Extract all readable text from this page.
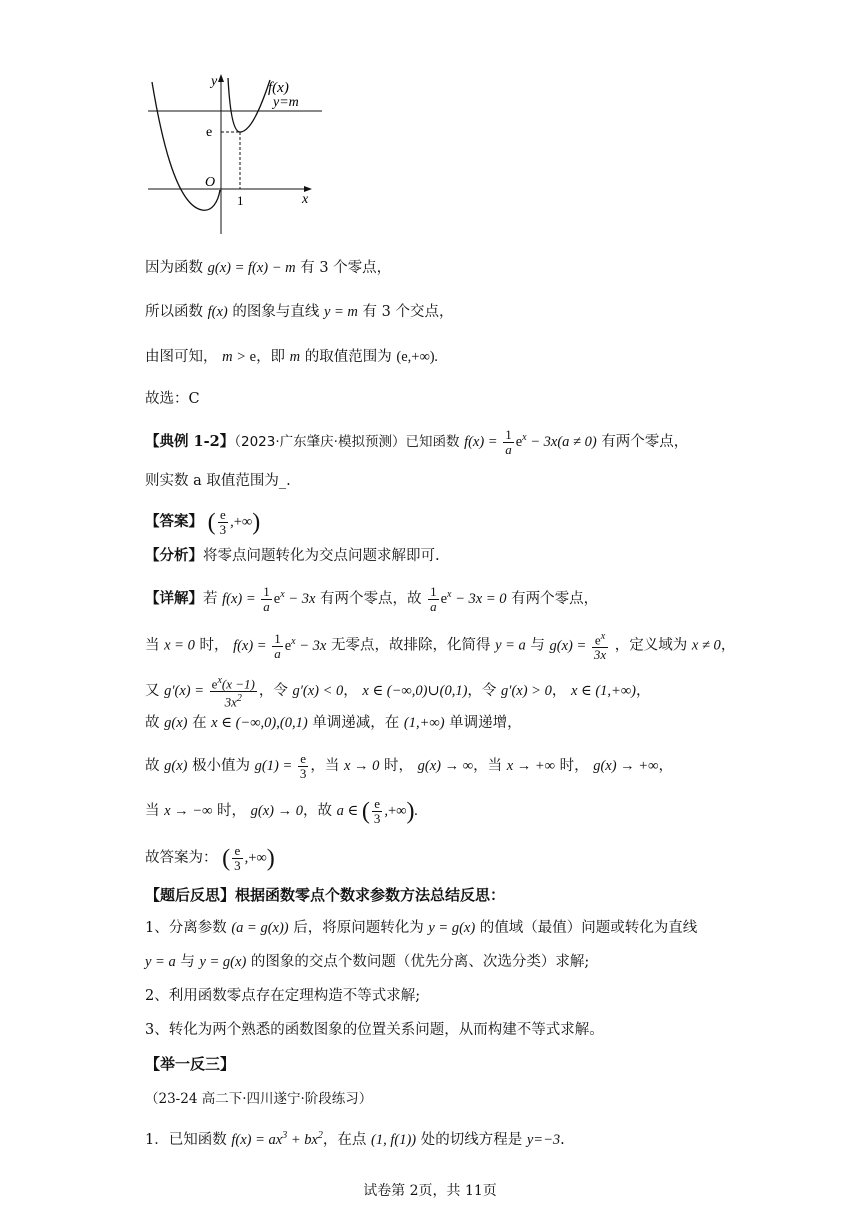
y	f(x)
y=m
e
O
1	x
因为函数 g(x) = f(x) − m 有 3 个零点，
所以函数 f(x) 的图象与直线 y = m 有 3 个交点，
由图可知， m > e，即 m 的取值范围为 (e,+∞).
故选：C
【典例 1-2】（2023·广东肇庆·模拟预测）已知函数 $f(x) = \frac{1}{a} e^x - 3x(a \ne 0)$ 有两个零点，
则实数 a 取值范围为_.
【答案】 ( $\frac{e}{3}$ ,+∞)
【分析】将零点问题转化为交点问题求解即可.
【详解】若 $f(x) = \frac{1}{a} e^x - 3x$ 有两个零点，故 $\frac{1}{a} e^x - 3x = 0$ 有两个零点，
当 x = 0 时， $f(x) = \frac{1}{a} e^x - 3x$ 无零点，故排除，化简得 y = a 与 $g(x) = \frac{e^x}{3x}$ ，定义域为 x ≠ 0，
又 $g'(x) = \frac{e^x(x -1)}{3x^2}$ ，令 g′(x) < 0， x ∈ (−∞,0)∪(0,1)，令 g′(x) > 0， x ∈ (1,+∞)，
故 g(x) 在 x ∈ (−∞,0),(0,1) 单调递减，在 (1,+∞) 单调递增，
故 g(x) 极小值为 $g(1) = \frac{e}{3}$ ，当 x → 0 时， g(x) → ∞，当 x → +∞ 时， g(x) → +∞，
当 x → −∞ 时， g(x) → 0，故 a ∈ ( $\frac{e}{3}$ ,+∞).
故答案为： ( $\frac{e}{3}$ ,+∞)
【题后反思】根据函数零点个数求参数方法总结反思：
1、分离参数 (a = g(x)) 后，将原问题转化为 y = g(x) 的值域（最值）问题或转化为直线
y = a 与 y = g(x) 的图象的交点个数问题（优先分离、次选分类）求解;
2、利用函数零点存在定理构造不等式求解;
3、转化为两个熟悉的函数图象的位置关系问题，从而构建不等式求解。
【举一反三】
（23-24 高二下·四川遂宁·阶段练习）
1．已知函数 $f(x) = ax^3 + bx^2$，在点 (1, f(1)) 处的切线方程是 y=−3.
试卷第 2页，共 11页
